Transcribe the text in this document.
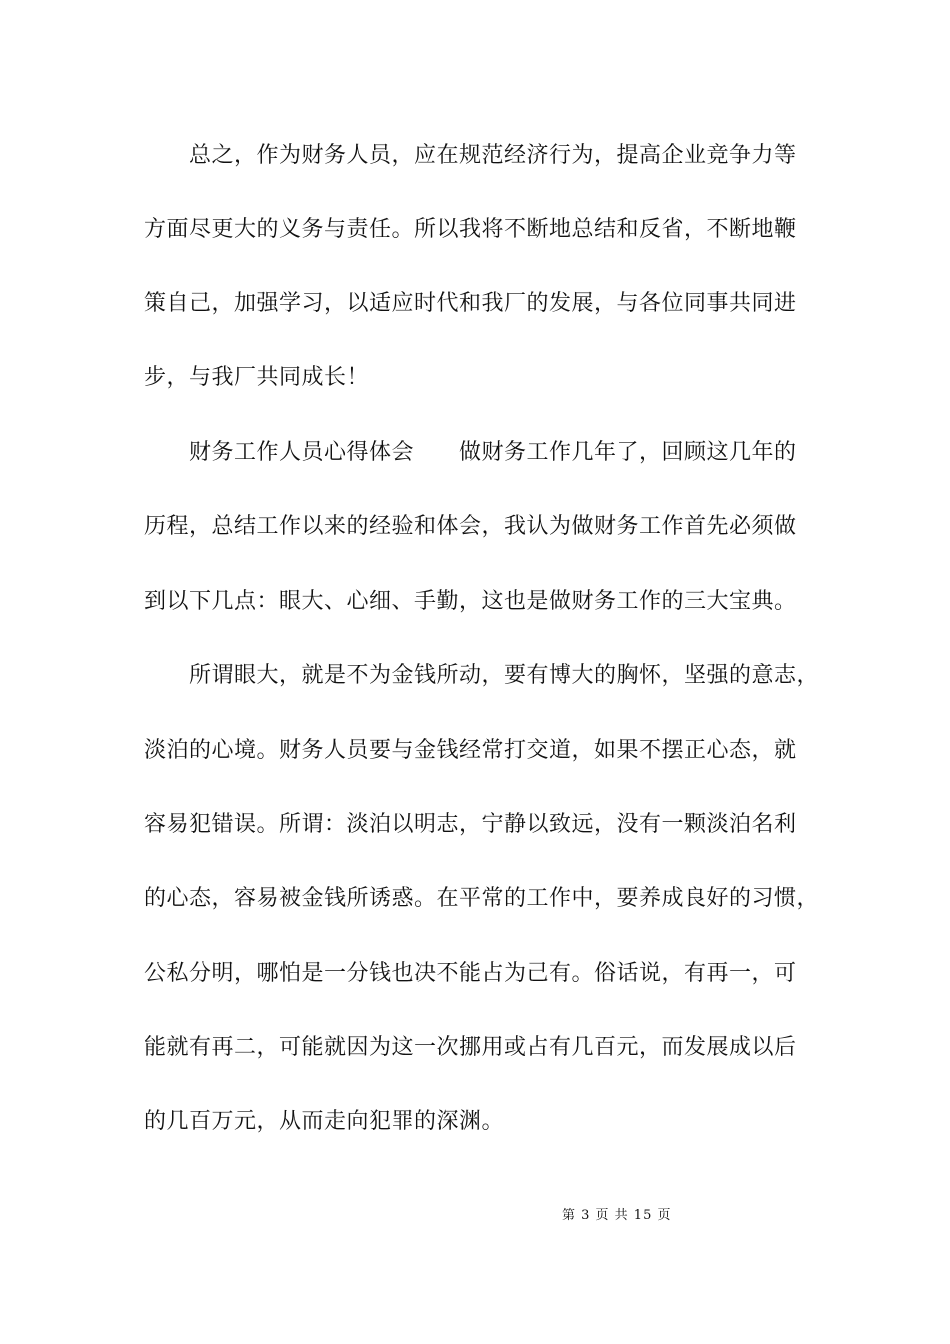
总之，作为财务人员，应在规范经济行为，提高企业竞争力等
方面尽更大的义务与责任。所以我将不断地总结和反省，不断地鞭
策自己，加强学习，以适应时代和我厂的发展，与各位同事共同进
步，与我厂共同成长！
财务工作人员心得体会　　做财务工作几年了，回顾这几年的
历程，总结工作以来的经验和体会，我认为做财务工作首先必须做
到以下几点：眼大、心细、手勤，这也是做财务工作的三大宝典。
所谓眼大，就是不为金钱所动，要有博大的胸怀，坚强的意志，
淡泊的心境。财务人员要与金钱经常打交道，如果不摆正心态，就
容易犯错误。所谓：淡泊以明志，宁静以致远，没有一颗淡泊名利
的心态，容易被金钱所诱惑。在平常的工作中，要养成良好的习惯，
公私分明，哪怕是一分钱也决不能占为己有。俗话说，有再一，可
能就有再二，可能就因为这一次挪用或占有几百元，而发展成以后
的几百万元，从而走向犯罪的深渊。
第 3 页 共 15 页
